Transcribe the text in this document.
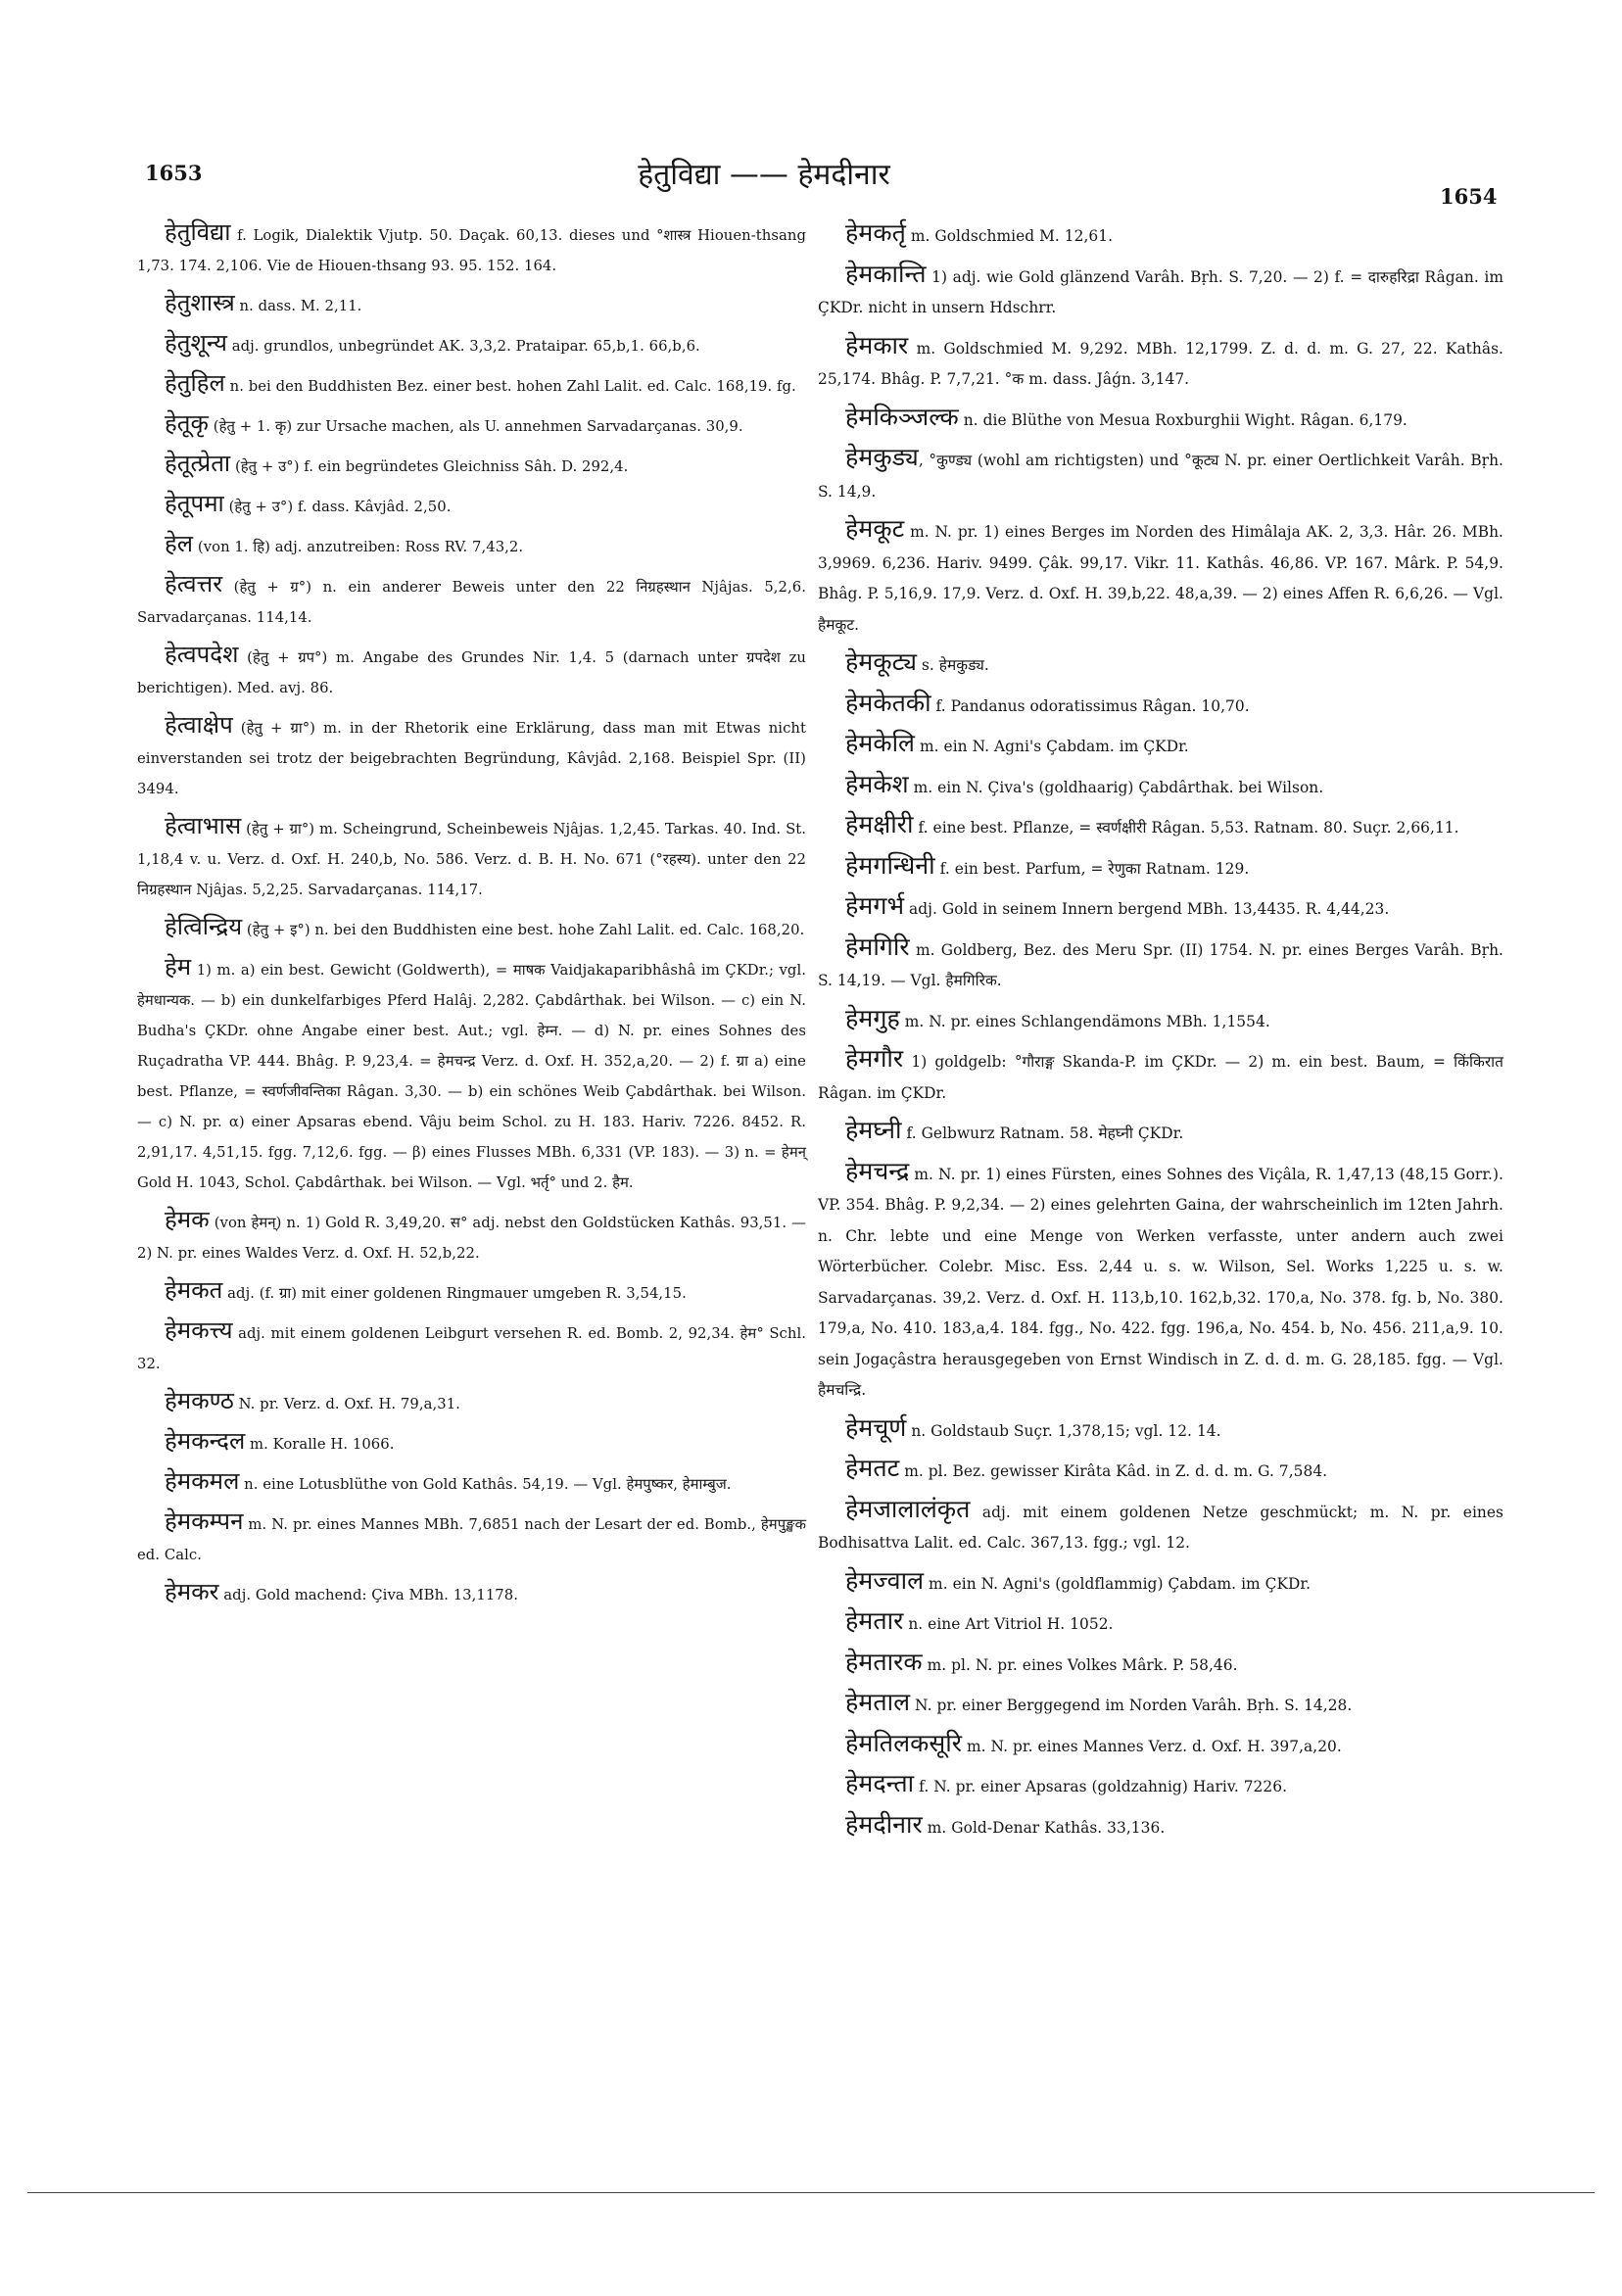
1653	हेतुविद्या —— हेमदीनार
1654

हेतुविद्या f. Logik, Dialektik Vjutp. 50. Daçak. 60,13. dieses und °शास्त्र Hiouen-thsang 1,73. 174. 2,106. Vie de Hiouen-thsang 93. 95. 152. 164.

हेतुशास्त्र n. dass. M. 2,11.

हेतुशून्य adj. grundlos, unbegründet AK. 3,3,2. Prataipar. 65,b,1. 66,b,6.

हेतुहिल n. bei den Buddhisten Bez. einer best. hohen Zahl Lalit. ed. Calc. 168,19. fg.

हेतूकृ (हेतु + 1. कृ) zur Ursache machen, als U. annehmen Sarvadarçanas. 30,9.

हेतूत्प्रेता (हेतु + उ°) f. ein begründetes Gleichniss Sâh. D. 292,4.

हेतूपमा (हेतु + उ°) f. dass. Kâvjâd. 2,50.

हेल (von 1. हि) adj. anzutreiben: Ross RV. 7,43,2.

हेत्वत्तर (हेतु + ग्र°) n. ein anderer Beweis unter den 22 निग्रहस्थान Njâjas. 5,2,6. Sarvadarçanas. 114,14.

हेत्वपदेश (हेतु + ग्रप°) m. Angabe des Grundes Nir. 1,4. 5 (darnach unter ग्रपदेश zu berichtigen). Med. avj. 86.

हेत्वाक्षेप (हेतु + ग्रा°) m. in der Rhetorik eine Erklärung, dass man mit Etwas nicht einverstanden sei trotz der beigebrachten Begründung, Kâvjâd. 2,168. Beispiel Spr. (II) 3494.

हेत्वाभास (हेतु + ग्रा°) m. Scheingrund, Scheinbeweis Njâjas. 1,2,45. Tarkas. 40. Ind. St. 1,18,4 v. u. Verz. d. Oxf. H. 240,b, No. 586. Verz. d. B. H. No. 671 (°रहस्य). unter den 22 निग्रहस्थान Njâjas. 5,2,25. Sarvadarçanas. 114,17.

हेत्विन्द्रिय (हेतु + इ°) n. bei den Buddhisten eine best. hohe Zahl Lalit. ed. Calc. 168,20.

हेम 1) m. a) ein best. Gewicht (Goldwerth), = माषक Vaidjakaparibhâshâ im ÇKDr.; vgl. हेमधान्यक. — b) ein dunkelfarbiges Pferd Halâj. 2,282. Çabdârthak. bei Wilson. — c) ein N. Budha's ÇKDr. ohne Angabe einer best. Aut.; vgl. हेम्न. — d) N. pr. eines Sohnes des Ruçadratha VP. 444. Bhâg. P. 9,23,4. = हेमचन्द्र Verz. d. Oxf. H. 352,a,20. — 2) f. ग्रा a) eine best. Pflanze, = स्वर्णजीवन्तिका Râgan. 3,30. — b) ein schönes Weib Çabdârthak. bei Wilson. — c) N. pr. α) einer Apsaras ebend. Vâju beim Schol. zu H. 183. Hariv. 7226. 8452. R. 2,91,17. 4,51,15. fgg. 7,12,6. fgg. — β) eines Flusses MBh. 6,331 (VP. 183). — 3) n. = हेमन् Gold H. 1043, Schol. Çabdârthak. bei Wilson. — Vgl. भर्तृ° und 2. हैम.

हेमक (von हेमन्) n. 1) Gold R. 3,49,20. स° adj. nebst den Goldstücken Kathâs. 93,51. — 2) N. pr. eines Waldes Verz. d. Oxf. H. 52,b,22.

हेमकत adj. (f. ग्रा) mit einer goldenen Ringmauer umgeben R. 3,54,15.

हेमकत्त्य adj. mit einem goldenen Leibgurt versehen R. ed. Bomb. 2, 92,34. हेम° Schl. 32.

हेमकण्ठ N. pr. Verz. d. Oxf. H. 79,a,31.

हेमकन्दल m. Koralle H. 1066.

हेमकमल n. eine Lotusblüthe von Gold Kathâs. 54,19. — Vgl. हेमपुष्कर, हेमाम्बुज.

हेमकम्पन m. N. pr. eines Mannes MBh. 7,6851 nach der Lesart der ed. Bomb., हेमपुङ्खक ed. Calc.

हेमकर adj. Gold machend: Çiva MBh. 13,1178.

हेमकर्तृ m. Goldschmied M. 12,61.

हेमकान्ति 1) adj. wie Gold glänzend Varâh. Bṛh. S. 7,20. — 2) f. = दारुहरिद्रा Râgan. im ÇKDr. nicht in unsern Hdschrr.

हेमकार m. Goldschmied M. 9,292. MBh. 12,1799. Z. d. d. m. G. 27, 22. Kathâs. 25,174. Bhâg. P. 7,7,21. °क m. dass. Jâǵn. 3,147.

हेमकिञ्जल्क n. die Blüthe von Mesua Roxburghii Wight. Râgan. 6,179.

हेमकुड्य, °कुण्ड्य (wohl am richtigsten) und °कूट्य N. pr. einer Oertlichkeit Varâh. Bṛh. S. 14,9.

हेमकूट m. N. pr. 1) eines Berges im Norden des Himâlaja AK. 2, 3,3. Hâr. 26. MBh. 3,9969. 6,236. Hariv. 9499. Çâk. 99,17. Vikr. 11. Kathâs. 46,86. VP. 167. Mârk. P. 54,9. Bhâg. P. 5,16,9. 17,9. Verz. d. Oxf. H. 39,b,22. 48,a,39. — 2) eines Affen R. 6,6,26. — Vgl. हैमकूट.

हेमकूट्य s. हेमकुड्य.

हेमकेतकी f. Pandanus odoratissimus Râgan. 10,70.

हेमकेलि m. ein N. Agni's Çabdam. im ÇKDr.

हेमकेश m. ein N. Çiva's (goldhaarig) Çabdârthak. bei Wilson.

हेमक्षीरी f. eine best. Pflanze, = स्वर्णक्षीरी Râgan. 5,53. Ratnam. 80. Suçr. 2,66,11.

हेमगन्धिनी f. ein best. Parfum, = रेणुका Ratnam. 129.

हेमगर्भ adj. Gold in seinem Innern bergend MBh. 13,4435. R. 4,44,23.

हेमगिरि m. Goldberg, Bez. des Meru Spr. (II) 1754. N. pr. eines Berges Varâh. Bṛh. S. 14,19. — Vgl. हैमगिरिक.

हेमगुह m. N. pr. eines Schlangendämons MBh. 1,1554.

हेमगौर 1) goldgelb: °गौराङ्ग Skanda-P. im ÇKDr. — 2) m. ein best. Baum, = किंकिरात Râgan. im ÇKDr.

हेमघ्नी f. Gelbwurz Ratnam. 58. मेहघ्नी ÇKDr.

हेमचन्द्र m. N. pr. 1) eines Fürsten, eines Sohnes des Viçâla, R. 1,47,13 (48,15 Gorr.). VP. 354. Bhâg. P. 9,2,34. — 2) eines gelehrten Gaina, der wahrscheinlich im 12ten Jahrh. n. Chr. lebte und eine Menge von Werken verfasste, unter andern auch zwei Wörterbücher. Colebr. Misc. Ess. 2,44 u. s. w. Wilson, Sel. Works 1,225 u. s. w. Sarvadarçanas. 39,2. Verz. d. Oxf. H. 113,b,10. 162,b,32. 170,a, No. 378. fg. b, No. 380. 179,a, No. 410. 183,a,4. 184. fgg., No. 422. fgg. 196,a, No. 454. b, No. 456. 211,a,9. 10. sein Jogaçâstra herausgegeben von Ernst Windisch in Z. d. d. m. G. 28,185. fgg. — Vgl. हैमचन्द्रि.

हेमचूर्ण n. Goldstaub Suçr. 1,378,15; vgl. 12. 14.

हेमतट m. pl. Bez. gewisser Kirâta Kâd. in Z. d. d. m. G. 7,584.

हेमजालालंकृत adj. mit einem goldenen Netze geschmückt; m. N. pr. eines Bodhisattva Lalit. ed. Calc. 367,13. fgg.; vgl. 12.

हेमज्वाल m. ein N. Agni's (goldflammig) Çabdam. im ÇKDr.

हेमतार n. eine Art Vitriol H. 1052.

हेमतारक m. pl. N. pr. eines Volkes Mârk. P. 58,46.

हेमताल N. pr. einer Berggegend im Norden Varâh. Bṛh. S. 14,28.

हेमतिलकसूरि m. N. pr. eines Mannes Verz. d. Oxf. H. 397,a,20.

हेमदन्ता f. N. pr. einer Apsaras (goldzahnig) Hariv. 7226.

हेमदीनार m. Gold-Denar Kathâs. 33,136.
